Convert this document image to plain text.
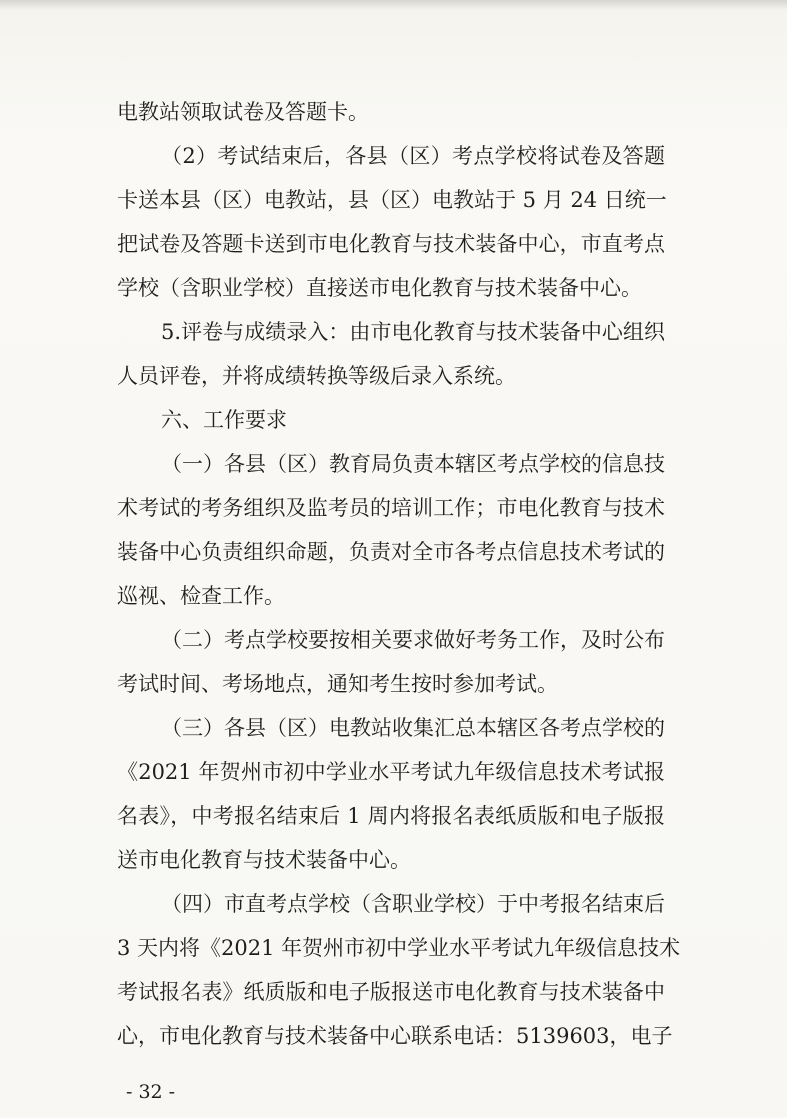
电教站领取试卷及答题卡。

（2）考试结束后，各县（区）考点学校将试卷及答题

卡送本县（区）电教站，县（区）电教站于 5 月 24 日统一

把试卷及答题卡送到市电化教育与技术装备中心，市直考点

学校（含职业学校）直接送市电化教育与技术装备中心。

5.评卷与成绩录入：由市电化教育与技术装备中心组织

人员评卷，并将成绩转换等级后录入系统。

六、工作要求

（一）各县（区）教育局负责本辖区考点学校的信息技

术考试的考务组织及监考员的培训工作；市电化教育与技术

装备中心负责组织命题，负责对全市各考点信息技术考试的

巡视、检查工作。

（二）考点学校要按相关要求做好考务工作，及时公布

考试时间、考场地点，通知考生按时参加考试。

（三）各县（区）电教站收集汇总本辖区各考点学校的

《2021 年贺州市初中学业水平考试九年级信息技术考试报

名表》，中考报名结束后 1 周内将报名表纸质版和电子版报

送市电化教育与技术装备中心。

（四）市直考点学校（含职业学校）于中考报名结束后

3 天内将《2021 年贺州市初中学业水平考试九年级信息技术

- 32 -

考试报名表》纸质版和电子版报送市电化教育与技术装备中

心，市电化教育与技术装备中心联系电话：5139603，电子
